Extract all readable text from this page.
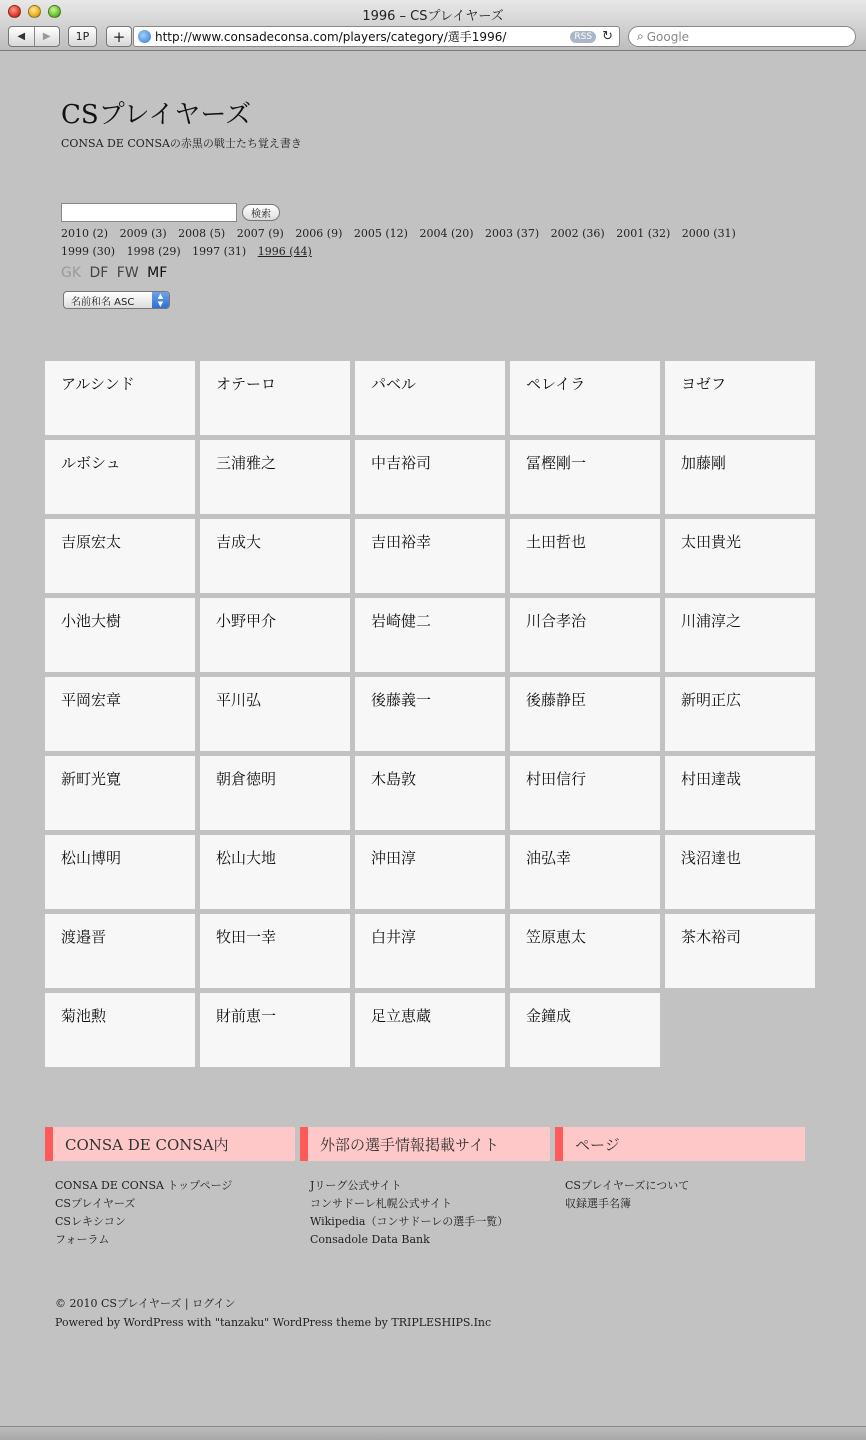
1996 – CSプレイヤーズ
◀	▶	1P	+	http://www.consadeconsa.com/players/category/選手1996/	RSS ↻ ⌕ Google
CSプレイヤーズ
CONSA DE CONSAの赤黒の戦士たち覚え書き
検索
2010 (2) 2009 (3) 2008 (5) 2007 (9) 2006 (9) 2005 (12) 2004 (20) 2003 (37) 2002 (36) 2001 (32) 2000 (31) 1999 (30) 1998 (29) 1997 (31) 1996 (44)
GK DF FW MF
名前和名 ASC
▲
▼
アルシンド	オテーロ	パベル	ペレイラ	ヨゼフ
ルボシュ	三浦雅之	中吉裕司	冨樫剛一	加藤剛
吉原宏太	吉成大	吉田裕幸	土田哲也	太田貴光
小池大樹	小野甲介	岩崎健二	川合孝治	川浦淳之
平岡宏章	平川弘	後藤義一	後藤静臣	新明正広
新町光寛	朝倉徳明	木島敦	村田信行	村田達哉
松山博明	松山大地	沖田淳	油弘幸	浅沼達也
渡邉晋	牧田一幸	白井淳	笠原恵太	茶木裕司
菊池勲	財前恵一	足立恵蔵	金鐘成
CONSA DE CONSA内
CONSA DE CONSA トップページ
CSプレイヤーズ
CSレキシコン
フォーラム
外部の選手情報掲載サイト
Jリーグ公式サイト
コンサドーレ札幌公式サイト
Wikipedia（コンサドーレの選手一覧）
Consadole Data Bank
ページ
CSプレイヤーズについて
収録選手名簿
© 2010 CSプレイヤーズ | ログイン
Powered by WordPress with "tanzaku" WordPress theme by TRIPLESHIPS.Inc
